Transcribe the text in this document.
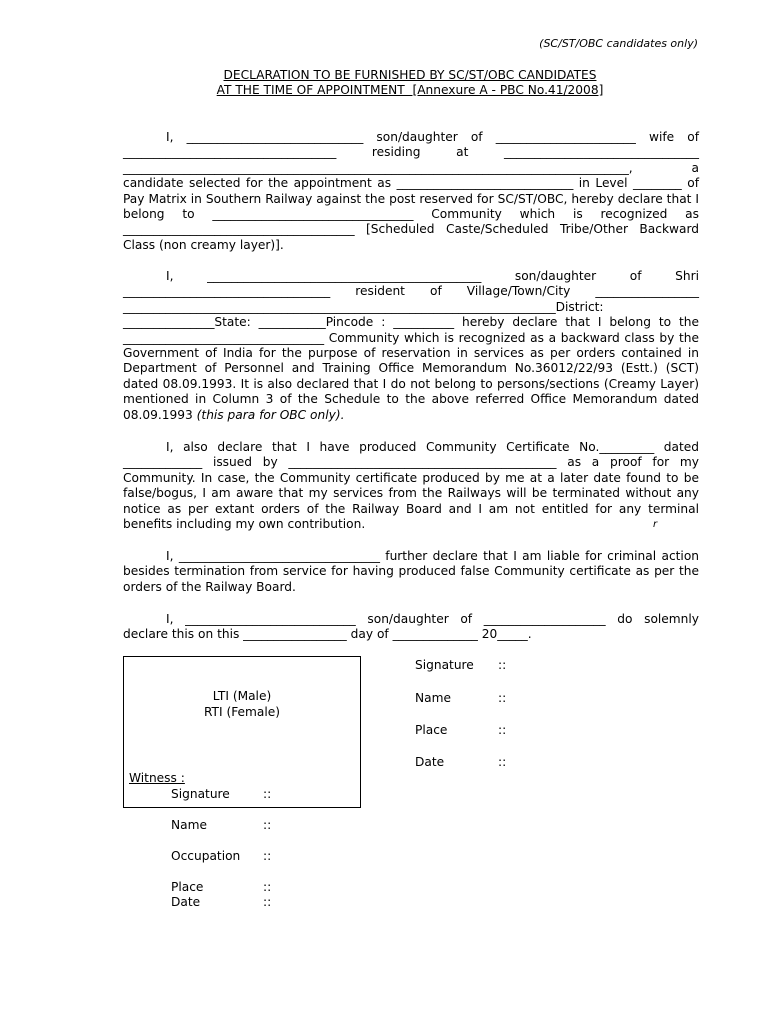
(SC/ST/OBC candidates only)
DECLARATION TO BE FURNISHED BY SC/ST/OBC CANDIDATES
AT THE TIME OF APPOINTMENT  [Annexure A - PBC No.41/2008]
I, _____________________________ son/daughter of _______________________ wife of ___________________________________ residing at ________________________________ ___________________________________________________________________________________, a candidate selected for the appointment as _____________________________ in Level ________ of Pay Matrix in Southern Railway against the post reserved for SC/ST/OBC, hereby declare that I belong to _________________________________ Community which is recognized as ______________________________________ [Scheduled Caste/Scheduled Tribe/Other Backward Class (non creamy layer)].
I, _____________________________________________ son/daughter of Shri __________________________________ resident of Village/Town/City _________________ _______________________________________________________________________District: _______________State: ___________Pincode : __________ hereby declare that I belong to the _________________________________ Community which is recognized as a backward class by the Government of India for the purpose of reservation in services as per orders contained in Department of Personnel and Training Office Memorandum No.36012/22/93 (Estt.) (SCT) dated 08.09.1993. It is also declared that I do not belong to persons/sections (Creamy Layer) mentioned in Column 3 of the Schedule to the above referred Office Memorandum dated 08.09.1993 (this para for OBC only).
I, also declare that I have produced Community Certificate No._________ dated _____________ issued by ____________________________________________ as a proof for my Community. In case, the Community certificate produced by me at a later date found to be false/bogus, I am aware that my services from the Railways will be terminated without any notice as per extant orders of the Railway Board and I am not entitled for any terminal benefits including my own contribution.	r
I, _________________________________ further declare that I am liable for criminal action besides termination from service for having produced false Community certificate as per the orders of the Railway Board.
I, ____________________________ son/daughter of ____________________ do solemnly declare this on this _________________ day of ______________ 20_____.
LTI (Male)
RTI (Female)
Signature ::
Name	::
Place	::
Date	::
Witness :
Signature	::
Name	::
Occupation ::
Place	::
Date	::
